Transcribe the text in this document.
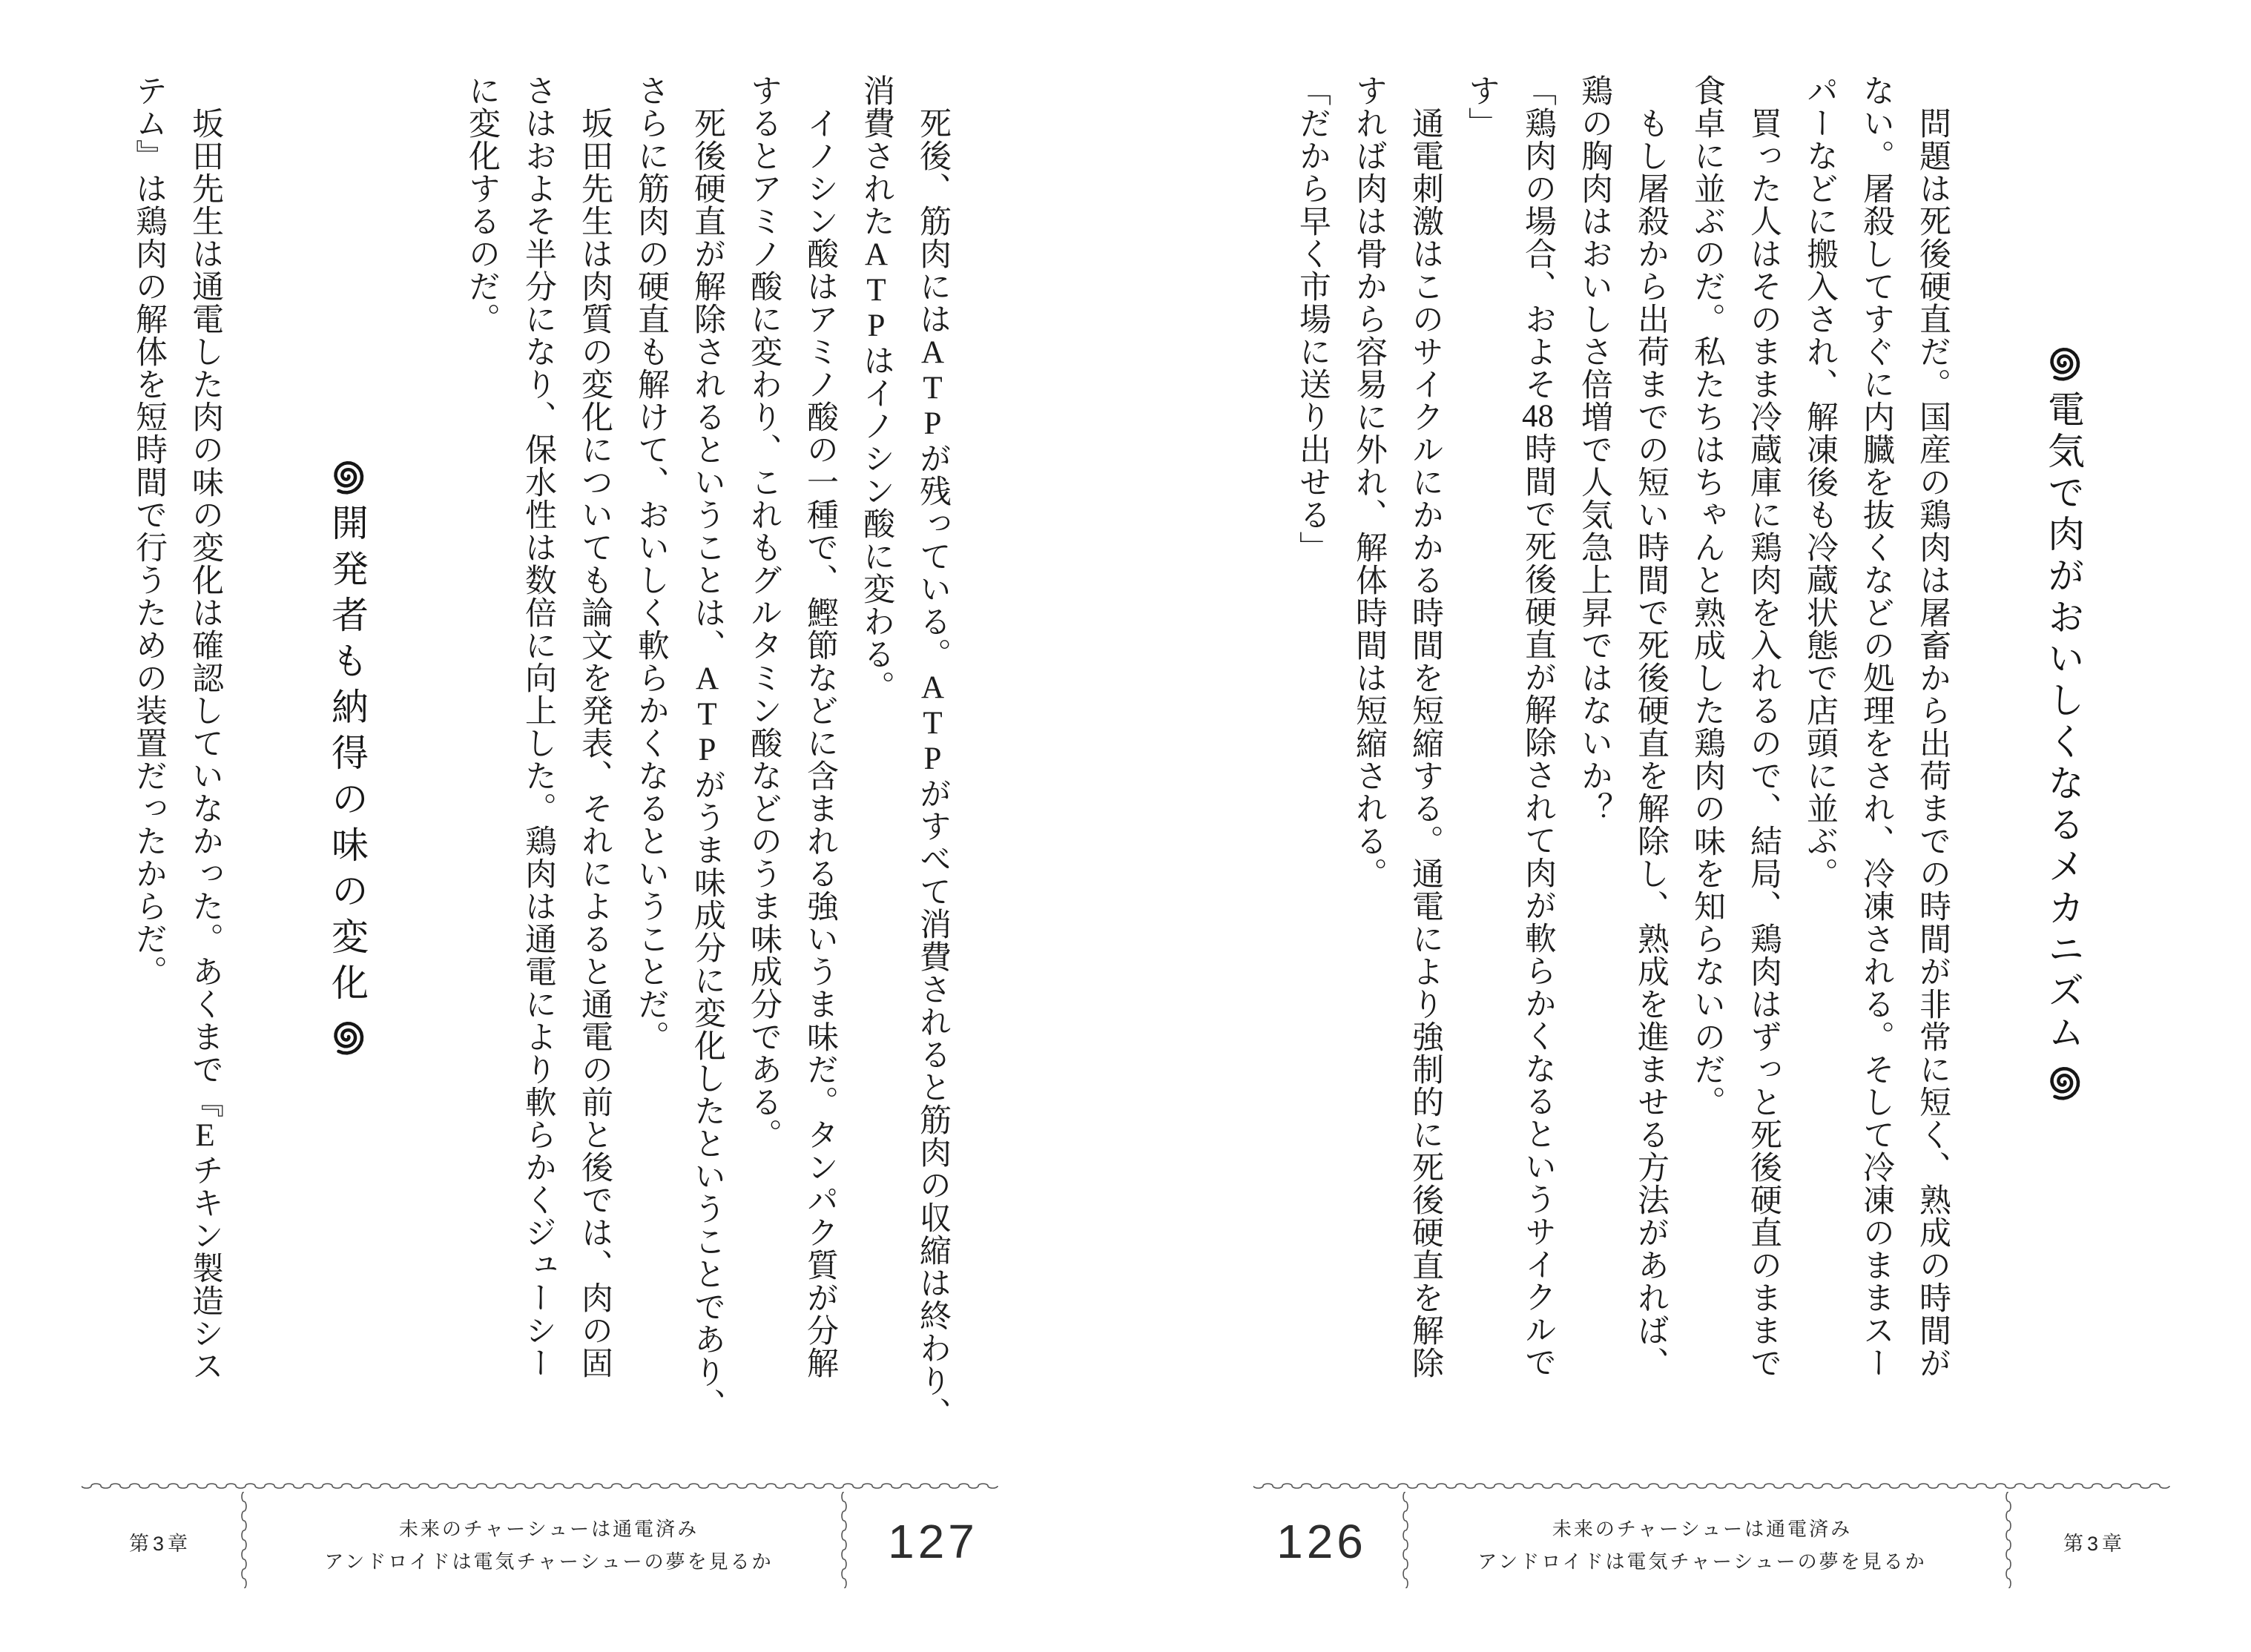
電気で肉がおいしくなるメカニズム
　問題は死後硬直だ。国産の鶏肉は屠畜から出荷までの時間が非常に短く、熟成の時間が
ない。屠殺してすぐに内臓を抜くなどの処理をされ、冷凍される。そして冷凍のままスー
パーなどに搬入され、解凍後も冷蔵状態で店頭に並ぶ。
　買った人はそのまま冷蔵庫に鶏肉を入れるので、結局、鶏肉はずっと死後硬直のままで
食卓に並ぶのだ。私たちはちゃんと熟成した鶏肉の味を知らないのだ。
　もし屠殺から出荷までの短い時間で死後硬直を解除し、熟成を進ませる方法があれば、
鶏の胸肉はおいしさ倍増で人気急上昇ではないか？
「鶏肉の場合、およそ48時間で死後硬直が解除されて肉が軟らかくなるというサイクルで
す」
　通電刺激はこのサイクルにかかる時間を短縮する。通電により強制的に死後硬直を解除
すれば肉は骨から容易に外れ、解体時間は短縮される。
「だから早く市場に送り出せる」
　死後、筋肉にはATPが残っている。ATPがすべて消費されると筋肉の収縮は終わり、
消費されたATPはイノシン酸に変わる。
　イノシン酸はアミノ酸の一種で、鰹節などに含まれる強いうま味だ。タンパク質が分解
するとアミノ酸に変わり、これもグルタミン酸などのうま味成分である。
　死後硬直が解除されるということは、ATPがうま味成分に変化したということであり、
さらに筋肉の硬直も解けて、おいしく軟らかくなるということだ。
　坂田先生は肉質の変化についても論文を発表、それによると通電の前と後では、肉の固
さはおよそ半分になり、保水性は数倍に向上した。鶏肉は通電により軟らかくジューシー
に変化するのだ。
開発者も納得の味の変化
　坂田先生は通電した肉の味の変化は確認していなかった。あくまで『Eチキン製造シス
テム』は鶏肉の解体を短時間で行うための装置だったからだ。
第3章
未来のチャーシューは通電済み
アンドロイドは電気チャーシューの夢を見るか 127	126	未来のチャーシューは通電済み
アンドロイドは電気チャーシューの夢を見るか
第3章
